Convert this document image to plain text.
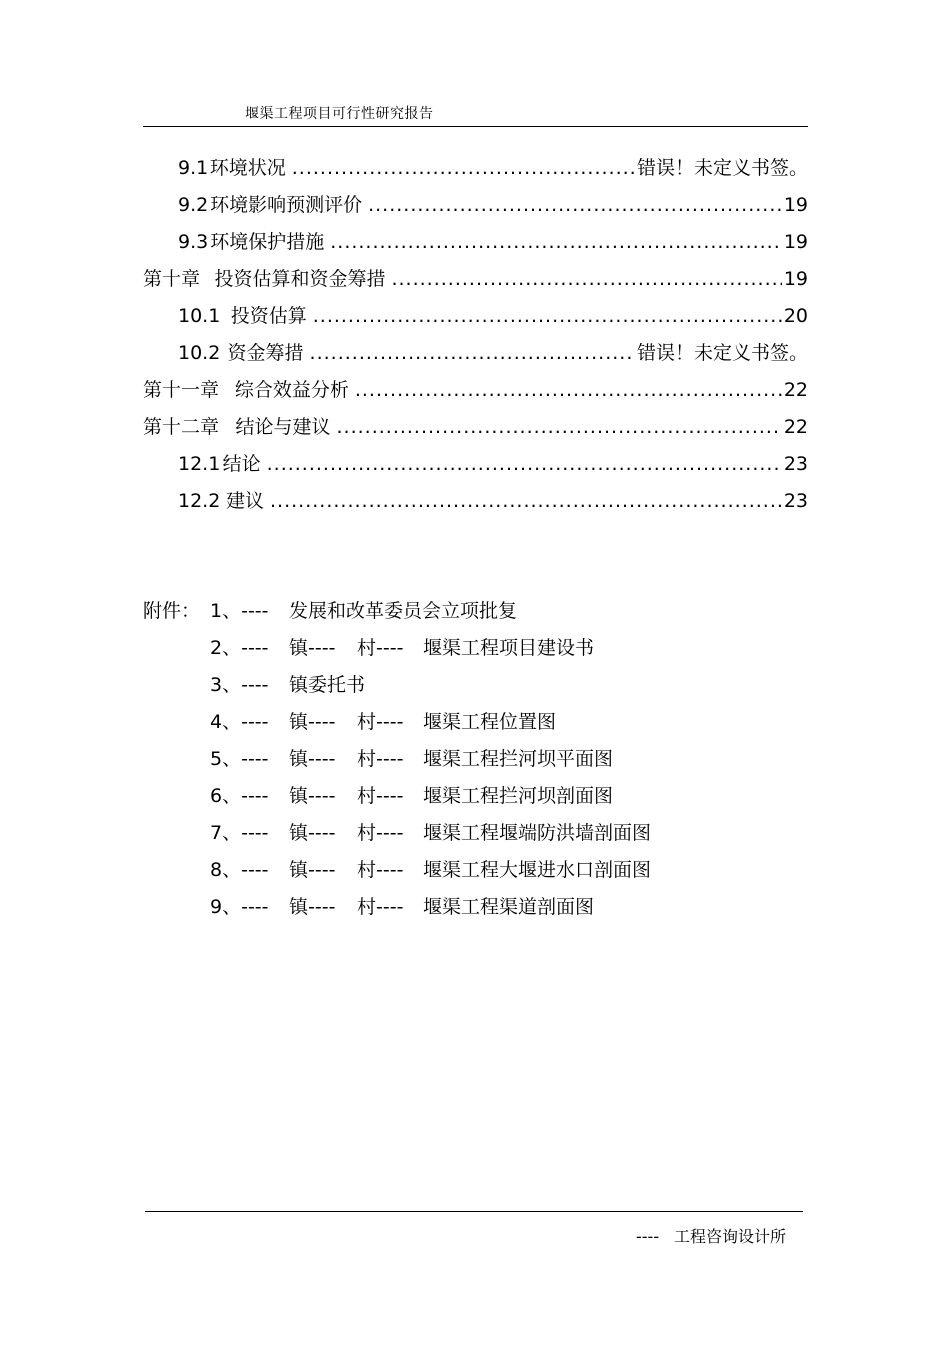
堰渠工程项目可行性研究报告
9.1 环境状况 .....	错误！未定义书签。
9.2 环境影响预测评价 .....	19
9.3 环境保护措施 .....	19
第十章 投资估算和资金筹措 .....	19
10.1 投资估算 .....	20
10.2 资金筹措 .....	错误！未定义书签。
第十一章 综合效益分析 .....	22
第十二章 结论与建议 .....	22
12.1 结论 .....	23
12.2 建议 .....	23
附件： 1、----	发展和改革委员会立项批复
2、----	镇----	村----	堰渠工程项目建设书
3、----	镇委托书
4、----	镇----	村----	堰渠工程位置图
5、----	镇----	村----	堰渠工程拦河坝平面图
6、----	镇----	村----	堰渠工程拦河坝剖面图
7、----	镇----	村----	堰渠工程堰端防洪墙剖面图
8、----	镇----	村----	堰渠工程大堰进水口剖面图
9、----	镇----	村----	堰渠工程渠道剖面图
---- 工程咨询设计所
